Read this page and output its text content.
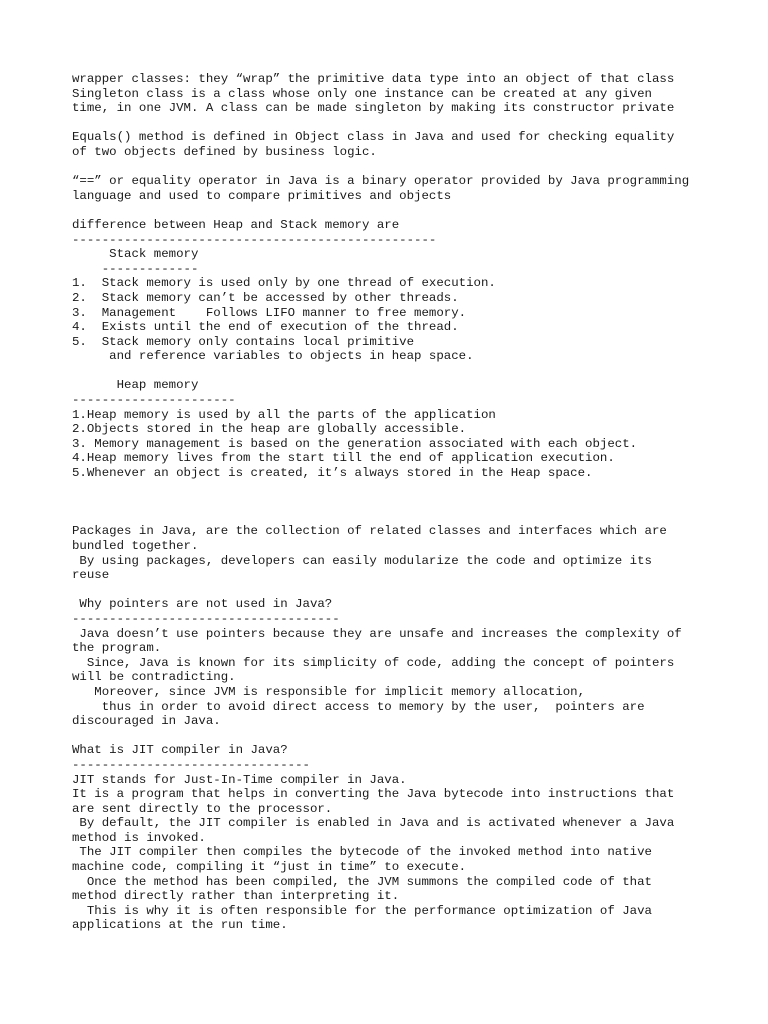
wrapper classes: they “wrap” the primitive data type into an object of that class
Singleton class is a class whose only one instance can be created at any given
time, in one JVM. A class can be made singleton by making its constructor private
Equals() method is defined in Object class in Java and used for checking equality
of two objects defined by business logic.
“==” or equality operator in Java is a binary operator provided by Java programming
language and used to compare primitives and objects
difference between Heap and Stack memory are
-------------------------------------------------
Stack memory
-------------
1.  Stack memory is used only by one thread of execution.
2.  Stack memory can’t be accessed by other threads.
3.  Management    Follows LIFO manner to free memory.
4.  Exists until the end of execution of the thread.
5.  Stack memory only contains local primitive
and reference variables to objects in heap space.
Heap memory
----------------------
1.Heap memory is used by all the parts of the application
2.Objects stored in the heap are globally accessible.
3. Memory management is based on the generation associated with each object.
4.Heap memory lives from the start till the end of application execution.
5.Whenever an object is created, it’s always stored in the Heap space.
Packages in Java, are the collection of related classes and interfaces which are
bundled together.
By using packages, developers can easily modularize the code and optimize its
reuse
Why pointers are not used in Java?
------------------------------------
Java doesn’t use pointers because they are unsafe and increases the complexity of
the program.
Since, Java is known for its simplicity of code, adding the concept of pointers
will be contradicting.
Moreover, since JVM is responsible for implicit memory allocation,
thus in order to avoid direct access to memory by the user,  pointers are
discouraged in Java.
What is JIT compiler in Java?
--------------------------------
JIT stands for Just-In-Time compiler in Java.
It is a program that helps in converting the Java bytecode into instructions that
are sent directly to the processor.
By default, the JIT compiler is enabled in Java and is activated whenever a Java
method is invoked.
The JIT compiler then compiles the bytecode of the invoked method into native
machine code, compiling it “just in time” to execute.
Once the method has been compiled, the JVM summons the compiled code of that
method directly rather than interpreting it.
This is why it is often responsible for the performance optimization of Java
applications at the run time.
